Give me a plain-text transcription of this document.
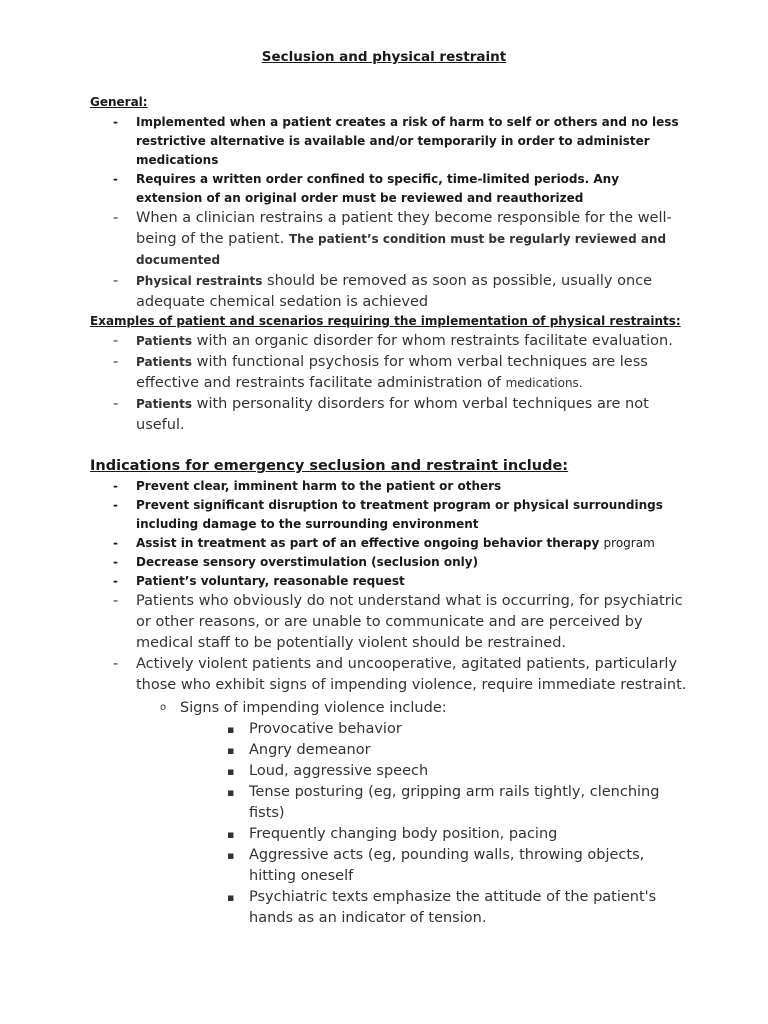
Seclusion and physical restraint
General:
- Implemented when a patient creates a risk of harm to self or others and no less restrictive alternative is available and/or temporarily in order to administer medications
- Requires a written order confined to specific, time-limited periods. Any extension of an original order must be reviewed and reauthorized
- When a clinician restrains a patient they become responsible for the well-being of the patient. The patient’s condition must be regularly reviewed and documented
- Physical restraints should be removed as soon as possible, usually once adequate chemical sedation is achieved
Examples of patient and scenarios requiring the implementation of physical restraints:
- Patients with an organic disorder for whom restraints facilitate evaluation.
- Patients with functional psychosis for whom verbal techniques are less effective and restraints facilitate administration of medications.
- Patients with personality disorders for whom verbal techniques are not useful.
Indications for emergency seclusion and restraint include:
- Prevent clear, imminent harm to the patient or others
- Prevent significant disruption to treatment program or physical surroundings including damage to the surrounding environment
- Assist in treatment as part of an effective ongoing behavior therapy program
- Decrease sensory overstimulation (seclusion only)
- Patient’s voluntary, reasonable request
- Patients who obviously do not understand what is occurring, for psychiatric or other reasons, or are unable to communicate and are perceived by medical staff to be potentially violent should be restrained.
- Actively violent patients and uncooperative, agitated patients, particularly those who exhibit signs of impending violence, require immediate restraint.
o Signs of impending violence include:
▪ Provocative behavior
▪ Angry demeanor
▪ Loud, aggressive speech
▪ Tense posturing (eg, gripping arm rails tightly, clenching fists)
▪ Frequently changing body position, pacing
▪ Aggressive acts (eg, pounding walls, throwing objects, hitting oneself
▪ Psychiatric texts emphasize the attitude of the patient's hands as an indicator of tension.
